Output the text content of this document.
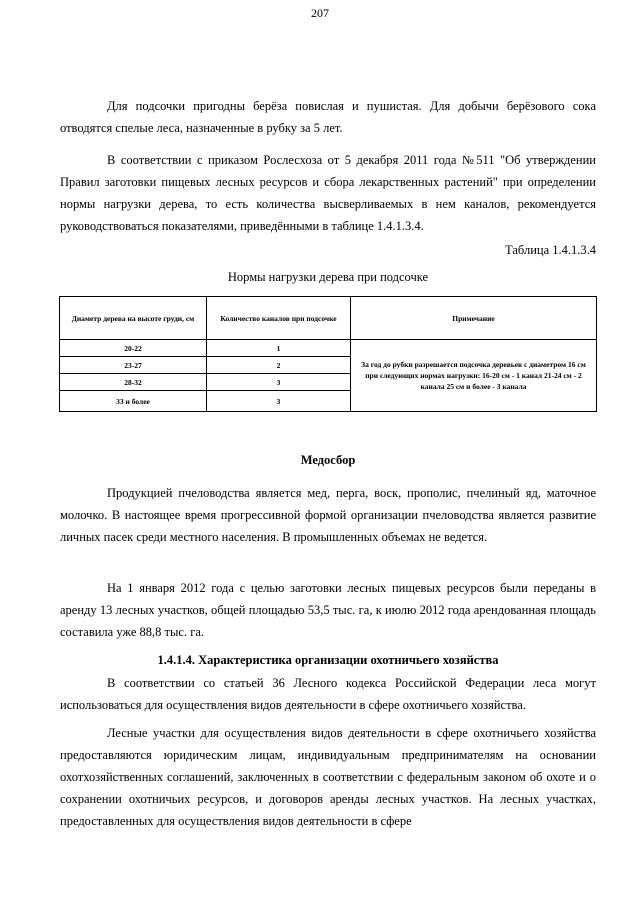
207

Для подсочки пригодны берёза повислая и пушистая. Для добычи берёзового сока отводятся спелые леса, назначенные в рубку за 5 лет.

В соответствии с приказом Рослесхоза от 5 декабря 2011 года №511 "Об утверждении Правил заготовки пищевых лесных ресурсов и сбора лекарственных растений" при определении нормы нагрузки дерева, то есть количества высверливаемых в нем каналов, рекомендуется руководствоваться показателями, приведёнными в таблице 1.4.1.3.4.

Таблица 1.4.1.3.4
Нормы нагрузки дерева при подсочке
Диаметр дерева на высоте груди, см	Количество каналов при подсочке	Примечание
20-22	1	За год до рубки разрешается подсочка деревьев с диаметром 16 см при следующих нормах нагрузки: 16-20 см - 1 канал 21-24 см - 2 канала 25 см и более - 3 канала
23-27	2	
28-32	3	
33 и более	3	
Медосбор

Продукцией пчеловодства является мед, перга, воск, прополис, пчелиный яд, маточное молочко. В настоящее время прогрессивной формой организации пчеловодства является развитие личных пасек среди местного населения. В промышленных объемах не ведется.

На 1 января 2012 года с целью заготовки лесных пищевых ресурсов были переданы в аренду 13 лесных участков, общей площадью 53,5 тыс. га, к июлю 2012 года арендованная площадь составила уже 88,8 тыс. га.

1.4.1.4. Характеристика организации охотничьего хозяйства

В соответствии со статьей 36 Лесного кодекса Российской Федерации леса могут использоваться для осуществления видов деятельности в сфере охотничьего хозяйства.

Лесные участки для осуществления видов деятельности в сфере охотничьего хозяйства предоставляются юридическим лицам, индивидуальным предпринимателям на основании охотхозяйственных соглашений, заключенных в соответствии с федеральным законом об охоте и о сохранении охотничьих ресурсов, и договоров аренды лесных участков. На лесных участках, предоставленных для осуществления видов деятельности в сфере
